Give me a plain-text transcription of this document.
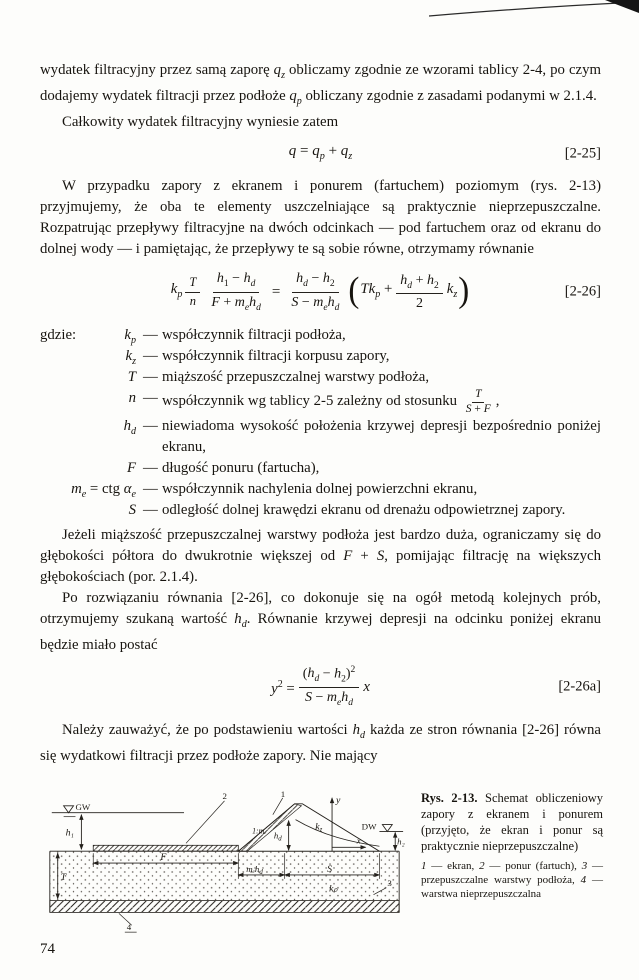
wydatek filtracyjny przez samą zaporę $q_z$ obliczamy zgodnie ze wzorami tablicy 2-4, po czym dodajemy wydatek filtracji przez podłoże $q_p$ obliczany zgodnie z zasadami podanymi w 2.1.4.

Całkowity wydatek filtracyjny wyniesie zatem

$q = q_p + q_z$	[2-25]

W przypadku zapory z ekranem i ponurem (fartuchem) poziomym (rys. 2-13) przyjmujemy, że oba te elementy uszczelniające są praktycznie nieprzepuszczalne. Rozpatrując przepływy filtracyjne na dwóch odcinkach — pod fartuchem oraz od ekranu do dolnej wody — i pamiętając, że przepływy te są sobie równe, otrzymamy równanie

$k_p \frac{T}{n} \frac{h_1 - h_d}{F + m_eh_d} = \frac{h_d - h_2}{S - m_eh_d}$ ( $Tk_p + \frac{h_d + h_2}{2} k_z$ )	[2-26]
gdzie:	$k_p$ — współczynnik filtracji podłoża,
$k_z$ — współczynnik filtracji korpusu zapory,
T — miąższość przepuszczalnej warstwy podłoża,
n — współczynnik wg tablicy 2-5 zależny od stosunku $\frac{T}{S + F}$ ,
$h_d$ — niewiadoma wysokość położenia krzywej depresji bezpośrednio poniżej ekranu,
F — długość ponuru (fartucha),
$m_e$ = ctg $\alpha_e$ — współczynnik nachylenia dolnej powierzchni ekranu,
S — odległość dolnej krawędzi ekranu od drenażu odpowietrznej zapory.

Jeżeli miąższość przepuszczalnej warstwy podłoża jest bardzo duża, ograniczamy się do głębokości półtora do dwukrotnie większej od F + S, pomijając filtrację na większych głębokościach (por. 2.1.4).

Po rozwiązaniu równania [2-26], co dokonuje się na ogół metodą kolejnych prób, otrzymujemy szukaną wartość $h_d$. Równanie krzywej depresji na odcinku poniżej ekranu będzie miało postać

$y^2 = \frac{(h_d - h_2)^2}{S - m_eh_d}$ x	[2-26a]

Należy zauważyć, że po podstawieniu wartości $h_d$ każda ze stron równania [2-26] równa się wydatkowi filtracji przez podłoże zapory. Nie mający

GW
DW
2	1
3
4
y
x
$k_z$
kₚ
$h_d$
1:mₑ
h₁
h₂
T
F
mₑh$_d$	S

Rys. 2-13. Schemat obliczeniowy zapory z ekranem i ponurem (przyjęto, że ekran i ponur są praktycznie nieprzepuszczalne)

1 — ekran, 2 — ponur (fartuch), 3 — przepuszczalne warstwy podłoża, 4 — warstwa nieprzepuszczalna

74
